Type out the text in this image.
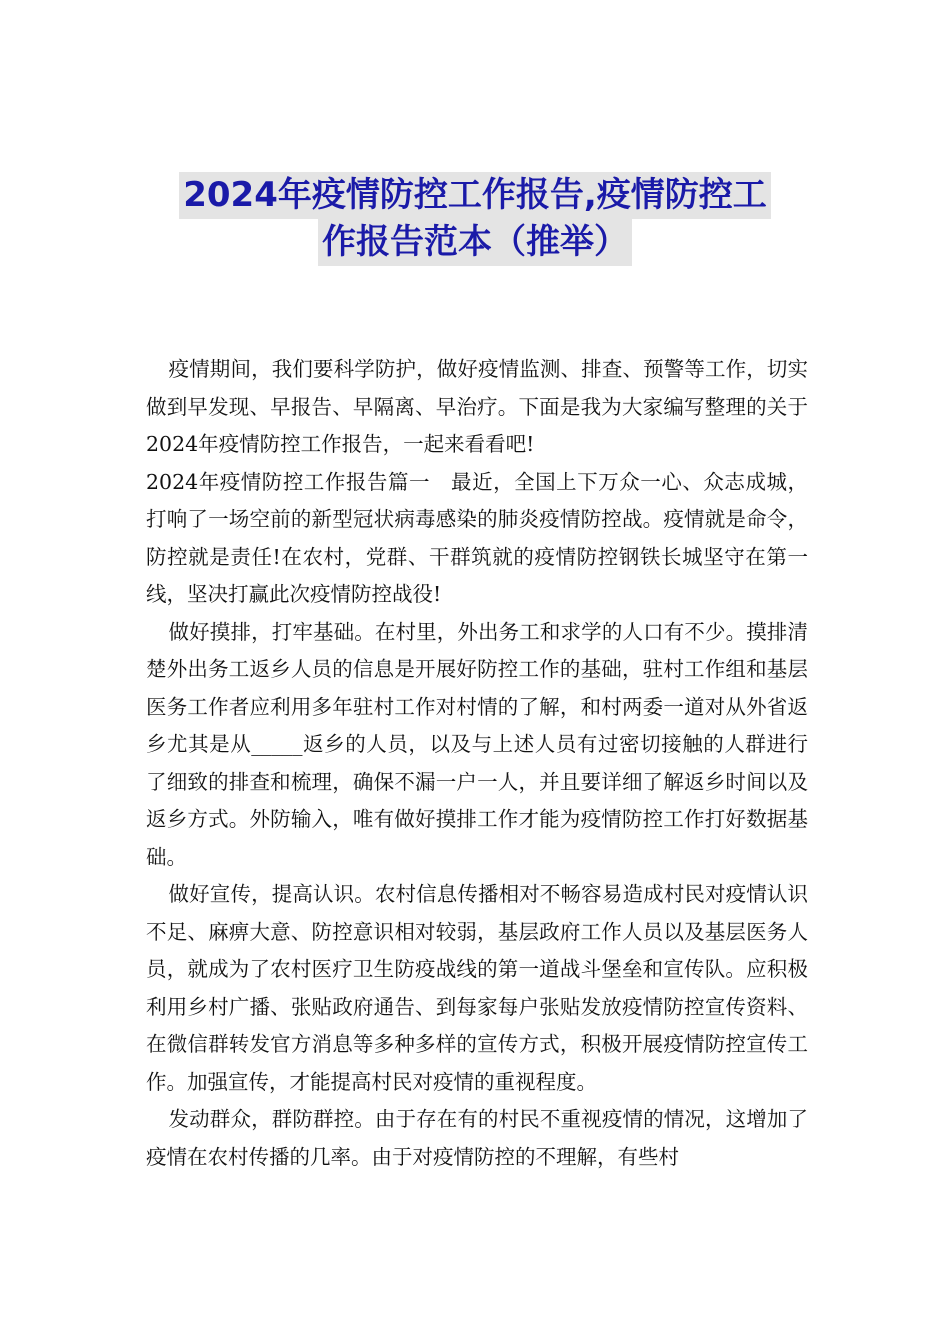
2024年疫情防控工作报告,疫情防控工
作报告范本（推举）

疫情期间，我们要科学防护，做好疫情监测、排查、预警等工作，切实做到早发现、早报告、早隔离、早治疗。下面是我为大家编写整理的关于2024年疫情防控工作报告，一起来看看吧!

2024年疫情防控工作报告篇一　最近，全国上下万众一心、众志成城，打响了一场空前的新型冠状病毒感染的肺炎疫情防控战。疫情就是命令，防控就是责任!在农村，党群、干群筑就的疫情防控钢铁长城坚守在第一线，坚决打赢此次疫情防控战役!

做好摸排，打牢基础。在村里，外出务工和求学的人口有不少。摸排清楚外出务工返乡人员的信息是开展好防控工作的基础，驻村工作组和基层医务工作者应利用多年驻村工作对村情的了解，和村两委一道对从外省返乡尤其是从_____返乡的人员，以及与上述人员有过密切接触的人群进行了细致的排查和梳理，确保不漏一户一人，并且要详细了解返乡时间以及返乡方式。外防输入，唯有做好摸排工作才能为疫情防控工作打好数据基础。

做好宣传，提高认识。农村信息传播相对不畅容易造成村民对疫情认识不足、麻痹大意、防控意识相对较弱，基层政府工作人员以及基层医务人员，就成为了农村医疗卫生防疫战线的第一道战斗堡垒和宣传队。应积极利用乡村广播、张贴政府通告、到每家每户张贴发放疫情防控宣传资料、在微信群转发官方消息等多种多样的宣传方式，积极开展疫情防控宣传工作。加强宣传，才能提高村民对疫情的重视程度。

发动群众，群防群控。由于存在有的村民不重视疫情的情况，这增加了疫情在农村传播的几率。由于对疫情防控的不理解，有些村
